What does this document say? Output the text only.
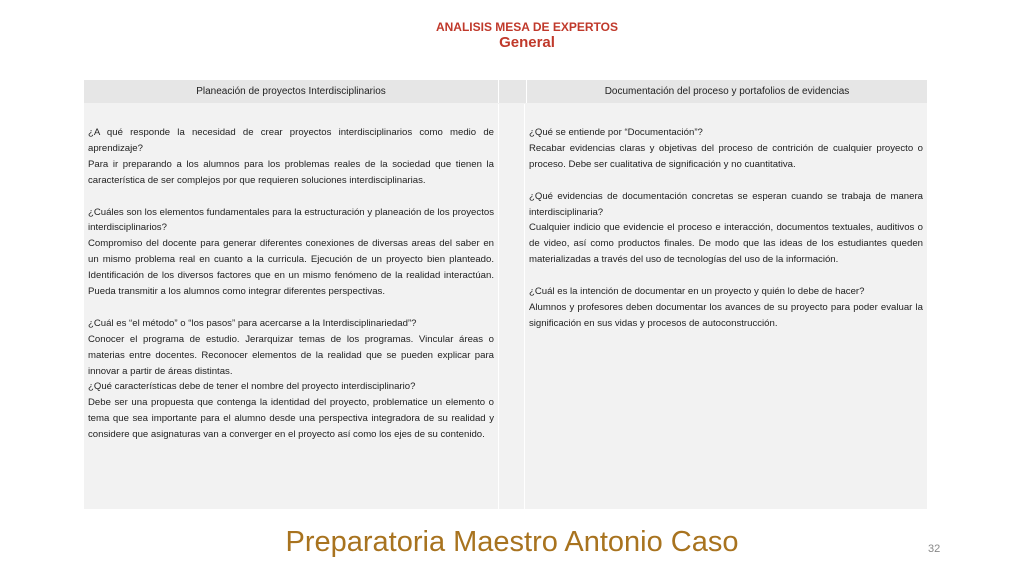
ANALISIS MESA DE EXPERTOS
General
Planeación de proyectos Interdisciplinarios	Documentación del proceso y portafolios de evidencias

¿A qué responde la necesidad de crear proyectos interdisciplinarios como medio de aprendizaje?

Para ir preparando a los alumnos para los problemas reales de la sociedad que tienen la característica de ser complejos por que requieren soluciones interdisciplinarias.

¿Cuáles son los elementos fundamentales para la estructuración y planeación de los proyectos interdisciplinarios?

Compromiso del docente para generar diferentes conexiones de diversas areas del saber en un mismo problema real en cuanto a la curricula. Ejecución de un proyecto bien planteado. Identificación de los diversos factores que en un mismo fenómeno de la realidad interactúan. Pueda transmitir a los alumnos como integrar diferentes perspectivas.

¿Cuál es “el método” o “los pasos” para acercarse a la Interdisciplinariedad”?

Conocer el programa de estudio. Jerarquizar temas de los programas. Vincular áreas o materias entre docentes. Reconocer elementos de la realidad que se pueden explicar para innovar a partir de áreas distintas.

¿Qué características debe de tener el nombre del proyecto interdisciplinario?

Debe ser una propuesta que contenga la identidad del proyecto, problematice un elemento o tema que sea importante para el alumno desde una perspectiva integradora de su realidad y considere que asignaturas van a converger en el proyecto así como los ejes de su contenido.

¿Qué se entiende por “Documentación”?

Recabar evidencias claras y objetivas del proceso de contrición de cualquier proyecto o proceso. Debe ser cualitativa de significación y no cuantitativa.

¿Qué evidencias de documentación concretas se esperan cuando se trabaja de manera interdisciplinaria?

Cualquier indicio que evidencie el proceso e interacción, documentos textuales, auditivos o de video, así como productos finales. De modo que las ideas de los estudiantes queden materializadas a través del uso de tecnologías del uso de la información.

¿Cuál es la intención de documentar en un proyecto y quién lo debe de hacer?

Alumnos y profesores deben documentar los avances de su proyecto para poder evaluar la significación en sus vidas y procesos de autoconstrucción.

Preparatoria Maestro Antonio Caso	32
